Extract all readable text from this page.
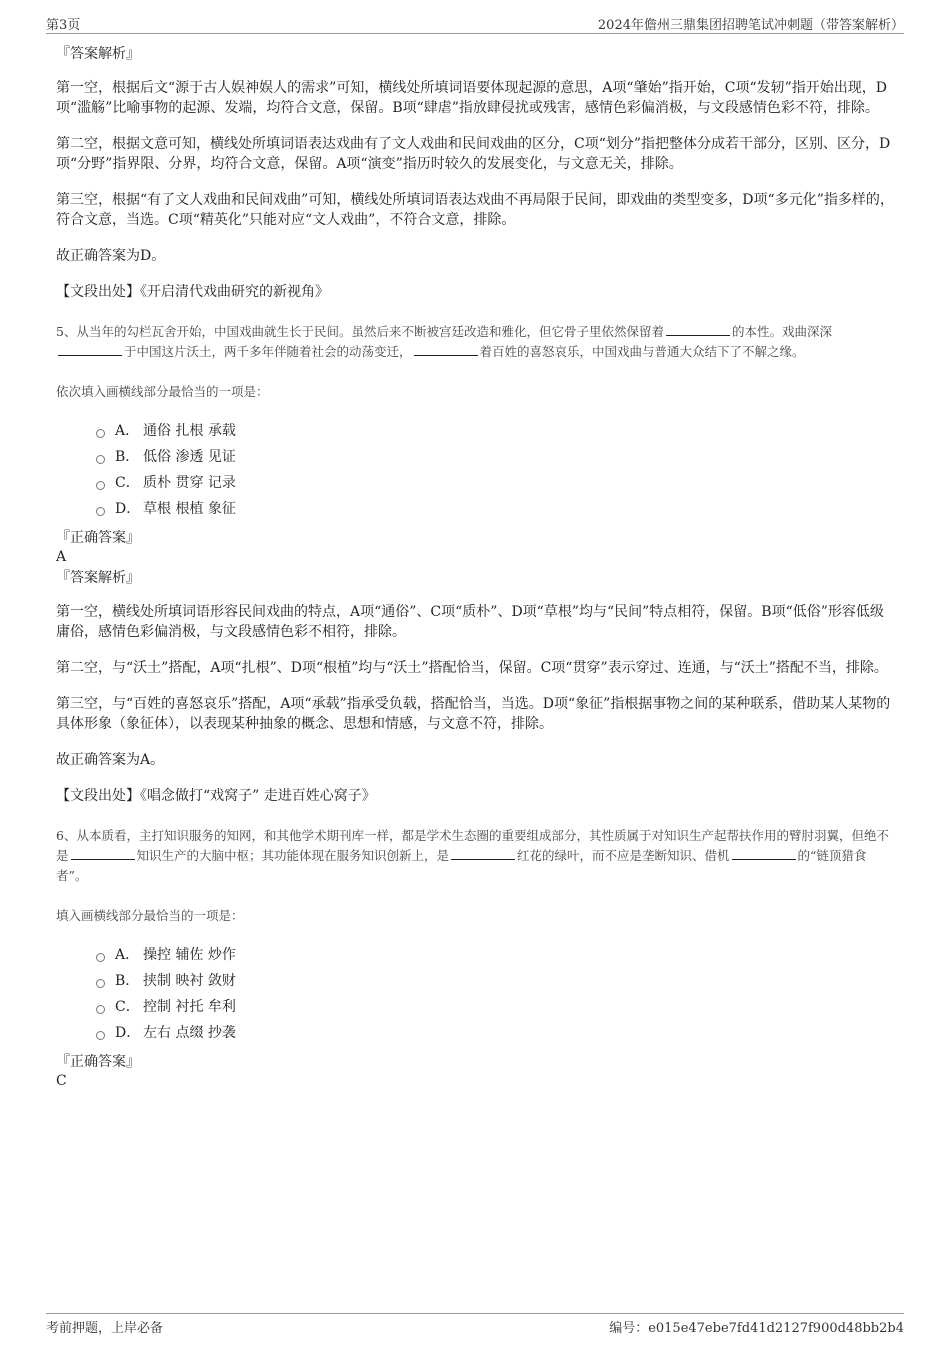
第3页	2024年儋州三鼎集团招聘笔试冲刺题（带答案解析）
『答案解析』
第一空，根据后文“源于古人娱神娱人的需求”可知，横线处所填词语要体现起源的意思，A项“肇始”指开始，C项“发轫”指开始出现，D项“滥觞”比喻事物的起源、发端，均符合文意，保留。B项“肆虐”指放肆侵扰或残害，感情色彩偏消极，与文段感情色彩不符，排除。
第二空，根据文意可知，横线处所填词语表达戏曲有了文人戏曲和民间戏曲的区分，C项“划分”指把整体分成若干部分，区别、区分，D项“分野”指界限、分界，均符合文意，保留。A项“演变”指历时较久的发展变化，与文意无关，排除。
第三空，根据“有了文人戏曲和民间戏曲”可知，横线处所填词语表达戏曲不再局限于民间，即戏曲的类型变多，D项“多元化”指多样的，符合文意，当选。C项“精英化”只能对应“文人戏曲”，不符合文意，排除。
故正确答案为D。
【文段出处】《开启清代戏曲研究的新视角》
5、从当年的勾栏瓦舍开始，中国戏曲就生长于民间。虽然后来不断被宫廷改造和雅化，但它骨子里依然保留着	的本性。戏曲深深于中国这片沃土，两千多年伴随着社会的动荡变迁，	着百姓的喜怒哀乐，中国戏曲与普通大众结下了不解之缘。
依次填入画横线部分最恰当的一项是：
A． 通俗 扎根 承载
B． 低俗 渗透 见证
C． 质朴 贯穿 记录
D． 草根 根植 象征
『正确答案』
A
『答案解析』
第一空，横线处所填词语形容民间戏曲的特点，A项“通俗”、C项“质朴”、D项“草根”均与“民间”特点相符，保留。B项“低俗”形容低级庸俗，感情色彩偏消极，与文段感情色彩不相符，排除。
第二空，与“沃土”搭配，A项“扎根”、D项“根植”均与“沃土”搭配恰当，保留。C项“贯穿”表示穿过、连通，与“沃土”搭配不当，排除。
第三空，与“百姓的喜怒哀乐”搭配，A项“承载”指承受负载，搭配恰当，当选。D项“象征”指根据事物之间的某种联系，借助某人某物的具体形象（象征体），以表现某种抽象的概念、思想和情感，与文意不符，排除。
故正确答案为A。
【文段出处】《唱念做打“戏窝子” 走进百姓心窝子》
6、从本质看，主打知识服务的知网，和其他学术期刊库一样，都是学术生态圈的重要组成部分，其性质属于对知识生产起帮扶作用的臂肘羽翼，但绝不是	知识生产的大脑中枢；其功能体现在服务知识创新上，是	红花的绿叶，而不应是垄断知识、借机	的“链顶猎食者”。
填入画横线部分最恰当的一项是：
A． 操控 辅佐 炒作
B． 挟制 映衬 敛财
C． 控制 衬托 牟利
D． 左右 点缀 抄袭
『正确答案』
C
考前押题，上岸必备	编号：e015e47ebe7fd41d2127f900d48bb2b4
